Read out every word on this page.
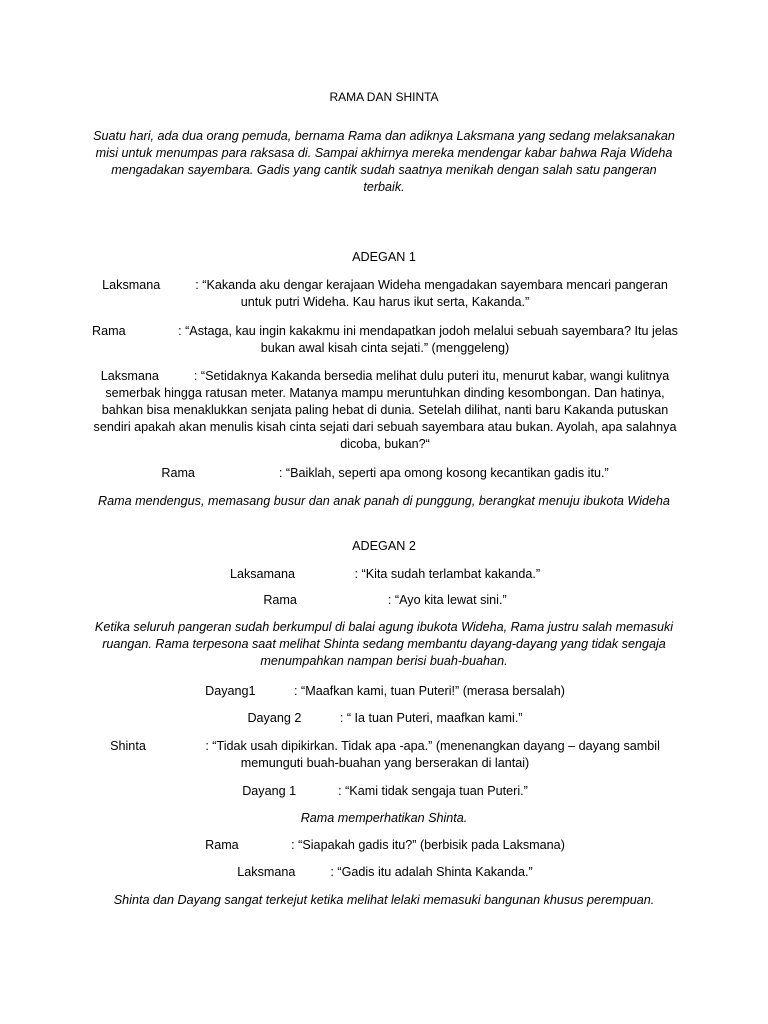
RAMA DAN SHINTA
Suatu hari, ada dua orang pemuda, bernama Rama dan adiknya Laksmana yang sedang melaksanakan misi untuk menumpas para raksasa di. Sampai akhirnya mereka mendengar kabar bahwa Raja Wideha mengadakan sayembara. Gadis yang cantik sudah saatnya menikah dengan salah satu pangeran terbaik.
ADEGAN 1
Laksmana	: “Kakanda aku dengar kerajaan Wideha mengadakan sayembara mencari pangeran untuk putri Wideha. Kau harus ikut serta, Kakanda.”
Rama	: “Astaga, kau ingin kakakmu ini mendapatkan jodoh melalui sebuah sayembara? Itu jelas bukan awal kisah cinta sejati.” (menggeleng)
Laksmana	: “Setidaknya Kakanda bersedia melihat dulu puteri itu, menurut kabar, wangi kulitnya semerbak hingga ratusan meter. Matanya mampu meruntuhkan dinding kesombongan. Dan hatinya, bahkan bisa menaklukkan senjata paling hebat di dunia. Setelah dilihat, nanti baru Kakanda putuskan sendiri apakah akan menulis kisah cinta sejati dari sebuah sayembara atau bukan. Ayolah, apa salahnya dicoba, bukan?“
Rama	: “Baiklah, seperti apa omong kosong kecantikan gadis itu.”
Rama mendengus, memasang busur dan anak panah di punggung, berangkat menuju ibukota Wideha
ADEGAN 2
Laksamana	: “Kita sudah terlambat kakanda.”
Rama	: “Ayo kita lewat sini.”
Ketika seluruh pangeran sudah berkumpul di balai agung ibukota Wideha, Rama justru salah memasuki ruangan. Rama terpesona saat melihat Shinta sedang membantu dayang-dayang yang tidak sengaja menumpahkan nampan berisi buah-buahan.
Dayang1	: “Maafkan kami, tuan Puteri!” (merasa bersalah)
Dayang 2	: “ Ia tuan Puteri, maafkan kami.”
Shinta	: “Tidak usah dipikirkan. Tidak apa -apa.” (menenangkan dayang – dayang sambil memunguti buah-buahan yang berserakan di lantai)
Dayang 1	: “Kami tidak sengaja tuan Puteri.”
Rama memperhatikan Shinta.
Rama	: “Siapakah gadis itu?” (berbisik pada Laksmana)
Laksmana	: “Gadis itu adalah Shinta Kakanda.”
Shinta dan Dayang sangat terkejut ketika melihat lelaki memasuki bangunan khusus perempuan.
